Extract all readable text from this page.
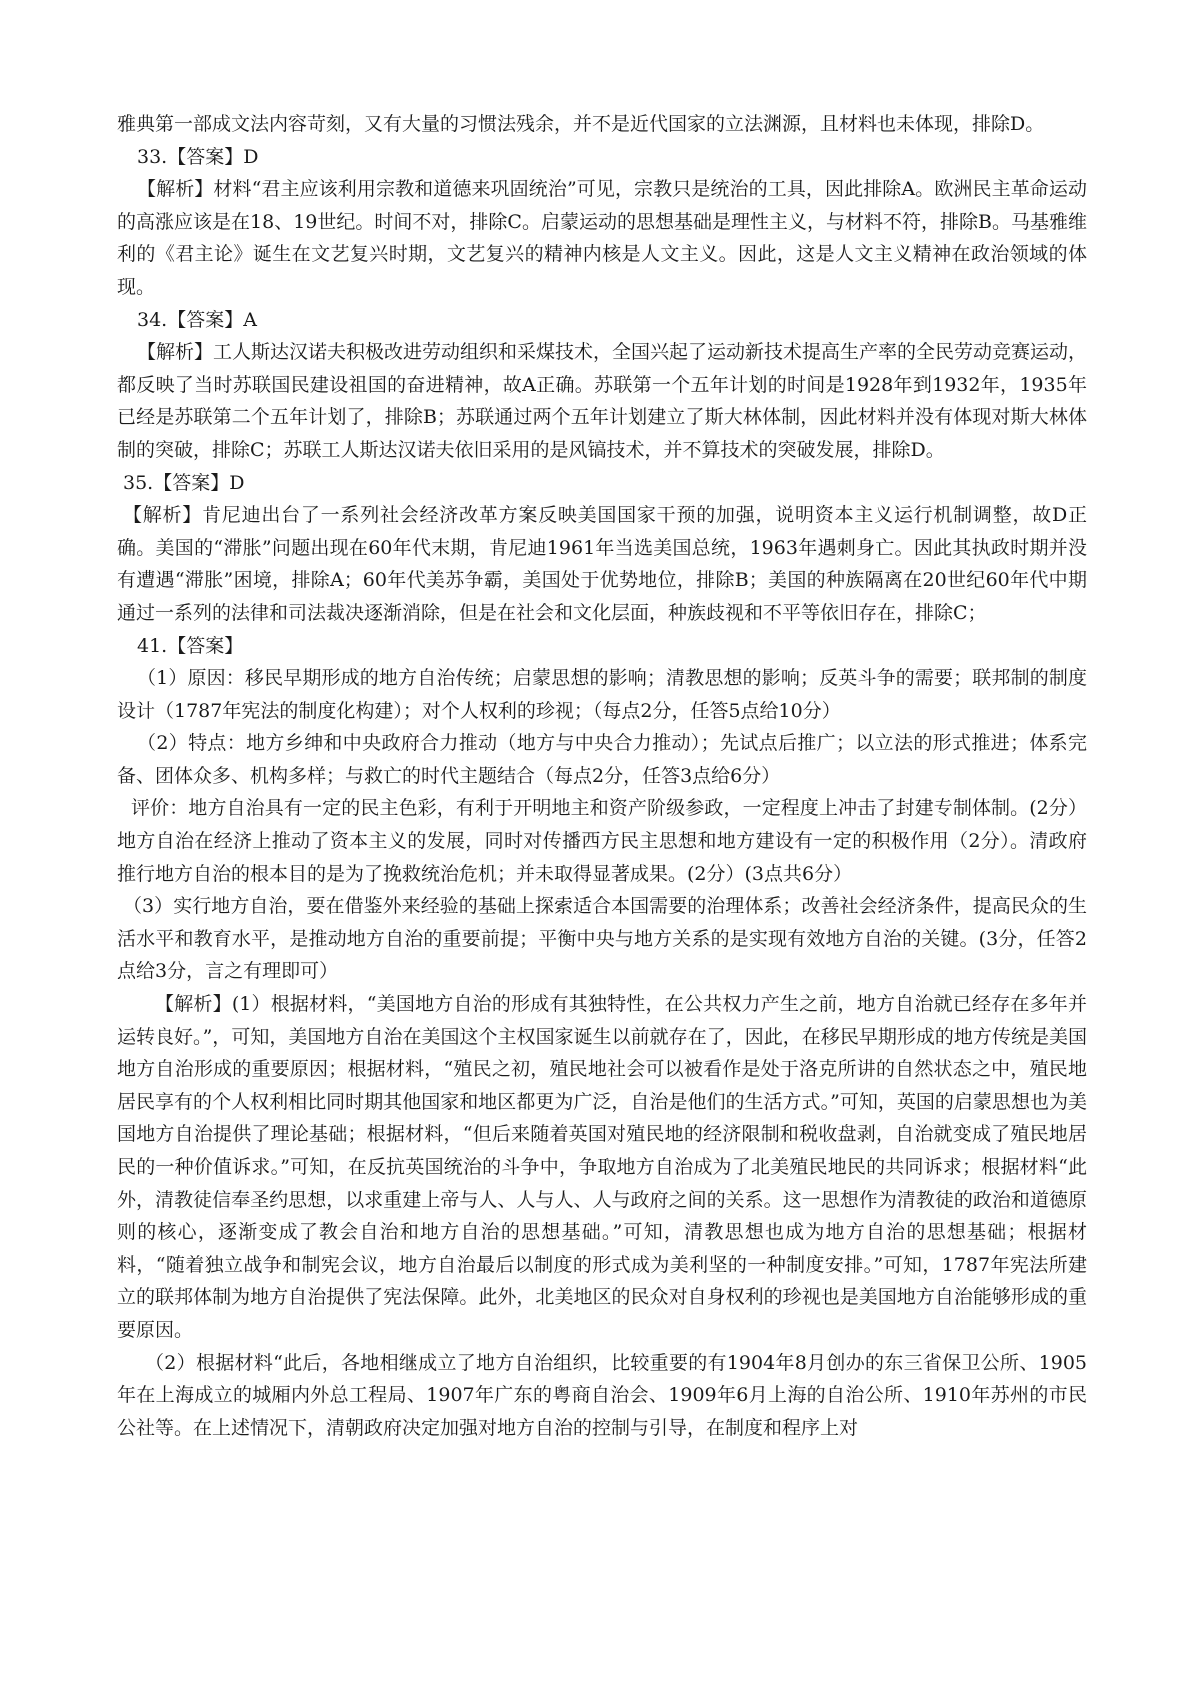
雅典第一部成文法内容苛刻，又有大量的习惯法残余，并不是近代国家的立法渊源，且材料也未体现，排除D。

33.【答案】D

【解析】材料“君主应该利用宗教和道德来巩固统治”可见，宗教只是统治的工具，因此排除A。欧洲民主革命运动的高涨应该是在18、19世纪。时间不对，排除C。启蒙运动的思想基础是理性主义，与材料不符，排除B。马基雅维利的《君主论》诞生在文艺复兴时期，文艺复兴的精神内核是人文主义。因此，这是人文主义精神在政治领域的体现。

34.【答案】A

【解析】工人斯达汉诺夫积极改进劳动组织和采煤技术，全国兴起了运动新技术提高生产率的全民劳动竞赛运动，都反映了当时苏联国民建设祖国的奋进精神，故A正确。苏联第一个五年计划的时间是1928年到1932年，1935年已经是苏联第二个五年计划了，排除B；苏联通过两个五年计划建立了斯大林体制，因此材料并没有体现对斯大林体制的突破，排除C；苏联工人斯达汉诺夫依旧采用的是风镐技术，并不算技术的突破发展，排除D。

35.【答案】D

【解析】肯尼迪出台了一系列社会经济改革方案反映美国国家干预的加强，说明资本主义运行机制调整，故D正确。美国的“滞胀”问题出现在60年代末期，肯尼迪1961年当选美国总统，1963年遇刺身亡。因此其执政时期并没有遭遇“滞胀”困境，排除A；60年代美苏争霸，美国处于优势地位，排除B；美国的种族隔离在20世纪60年代中期通过一系列的法律和司法裁决逐渐消除，但是在社会和文化层面，种族歧视和不平等依旧存在，排除C；

41.【答案】

（1）原因：移民早期形成的地方自治传统；启蒙思想的影响；清教思想的影响；反英斗争的需要；联邦制的制度设计（1787年宪法的制度化构建）；对个人权利的珍视；（每点2分，任答5点给10分）

（2）特点：地方乡绅和中央政府合力推动（地方与中央合力推动）；先试点后推广；以立法的形式推进；体系完备、团体众多、机构多样；与救亡的时代主题结合（每点2分，任答3点给6分）

评价：地方自治具有一定的民主色彩，有利于开明地主和资产阶级参政，一定程度上冲击了封建专制体制。(2分）地方自治在经济上推动了资本主义的发展，同时对传播西方民主思想和地方建设有一定的积极作用（2分）。清政府推行地方自治的根本目的是为了挽救统治危机；并未取得显著成果。(2分）(3点共6分）

（3）实行地方自治，要在借鉴外来经验的基础上探索适合本国需要的治理体系；改善社会经济条件，提高民众的生活水平和教育水平，是推动地方自治的重要前提；平衡中央与地方关系的是实现有效地方自治的关键。(3分，任答2点给3分，言之有理即可）

【解析】(1）根据材料，“美国地方自治的形成有其独特性，在公共权力产生之前，地方自治就已经存在多年并运转良好。”，可知，美国地方自治在美国这个主权国家诞生以前就存在了，因此，在移民早期形成的地方传统是美国地方自治形成的重要原因；根据材料，“殖民之初，殖民地社会可以被看作是处于洛克所讲的自然状态之中，殖民地居民享有的个人权利相比同时期其他国家和地区都更为广泛，自治是他们的生活方式。”可知，英国的启蒙思想也为美国地方自治提供了理论基础；根据材料，“但后来随着英国对殖民地的经济限制和税收盘剥，自治就变成了殖民地居民的一种价值诉求。”可知，在反抗英国统治的斗争中，争取地方自治成为了北美殖民地民的共同诉求；根据材料“此外，清教徒信奉圣约思想，以求重建上帝与人、人与人、人与政府之间的关系。这一思想作为清教徒的政治和道德原则的核心，逐渐变成了教会自治和地方自治的思想基础。”可知，清教思想也成为地方自治的思想基础；根据材料，“随着独立战争和制宪会议，地方自治最后以制度的形式成为美利坚的一种制度安排。”可知，1787年宪法所建立的联邦体制为地方自治提供了宪法保障。此外，北美地区的民众对自身权利的珍视也是美国地方自治能够形成的重要原因。

（2）根据材料“此后，各地相继成立了地方自治组织，比较重要的有1904年8月创办的东三省保卫公所、1905年在上海成立的城厢内外总工程局、1907年广东的粤商自治会、1909年6月上海的自治公所、1910年苏州的市民公社等。在上述情况下，清朝政府决定加强对地方自治的控制与引导，在制度和程序上对
